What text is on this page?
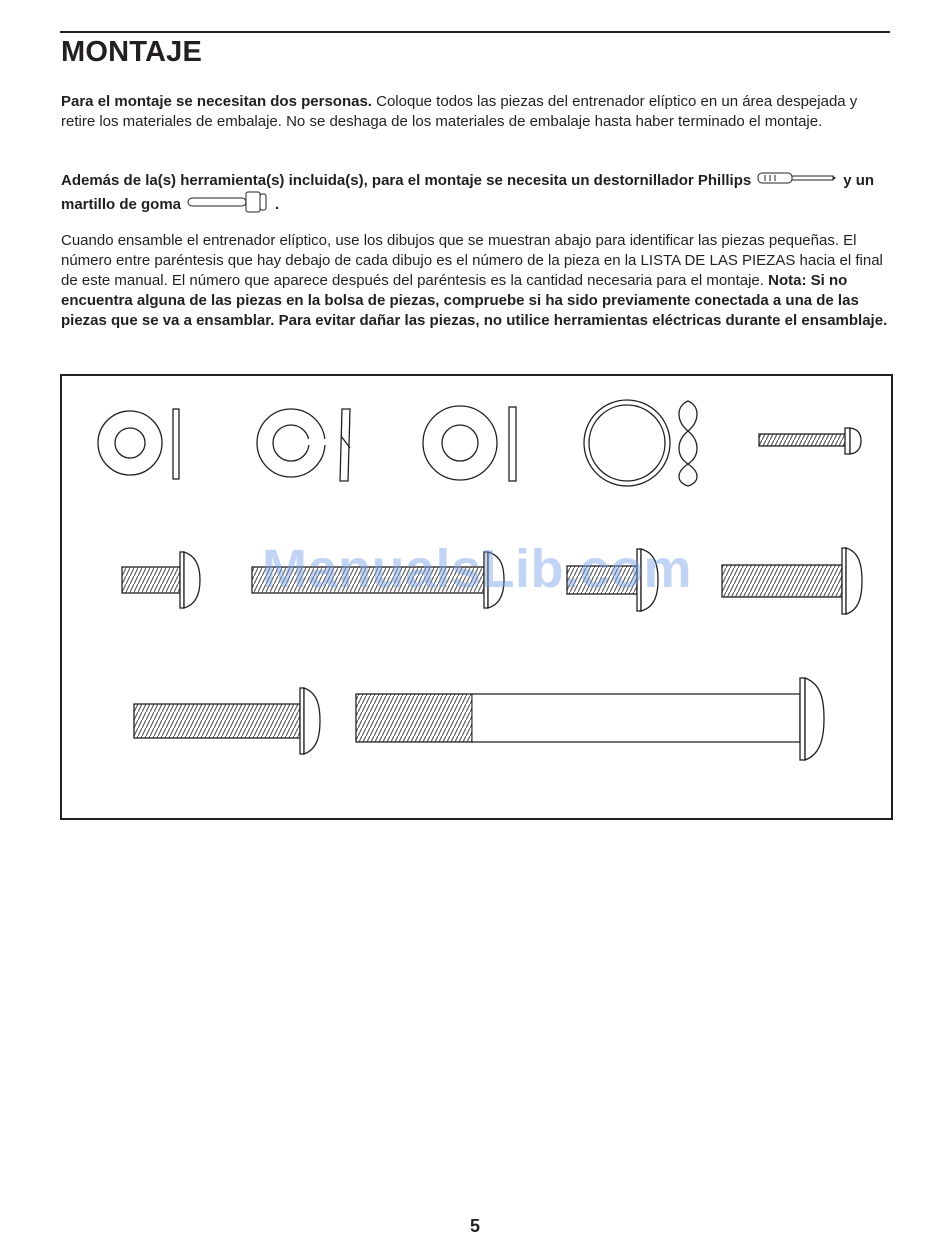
MONTAJE

Para el montaje se necesitan dos personas. Coloque todos las piezas del entrenador elíptico en un área despejada y retire los materiales de embalaje. No se deshaga de los materiales de embalaje hasta haber terminado el montaje.

Además de la(s) herramienta(s) incluida(s), para el montaje se necesita un destornillador Phillips	y un martillo de goma	.

Cuando ensamble el entrenador elíptico, use los dibujos que se muestran abajo para identificar las piezas pequeñas. El número entre paréntesis que hay debajo de cada dibujo es el número de la pieza en la LISTA DE LAS PIEZAS hacia el final de este manual. El número que aparece después del paréntesis es la cantidad necesaria para el montaje. Nota: Si no encuentra alguna de las piezas en la bolsa de piezas, compruebe si ha sido previamente conectada a una de las piezas que se va a ensamblar. Para evitar dañar las piezas, no utilice herramientas eléctricas durante el ensamblaje.

ManualsLib.com
5
